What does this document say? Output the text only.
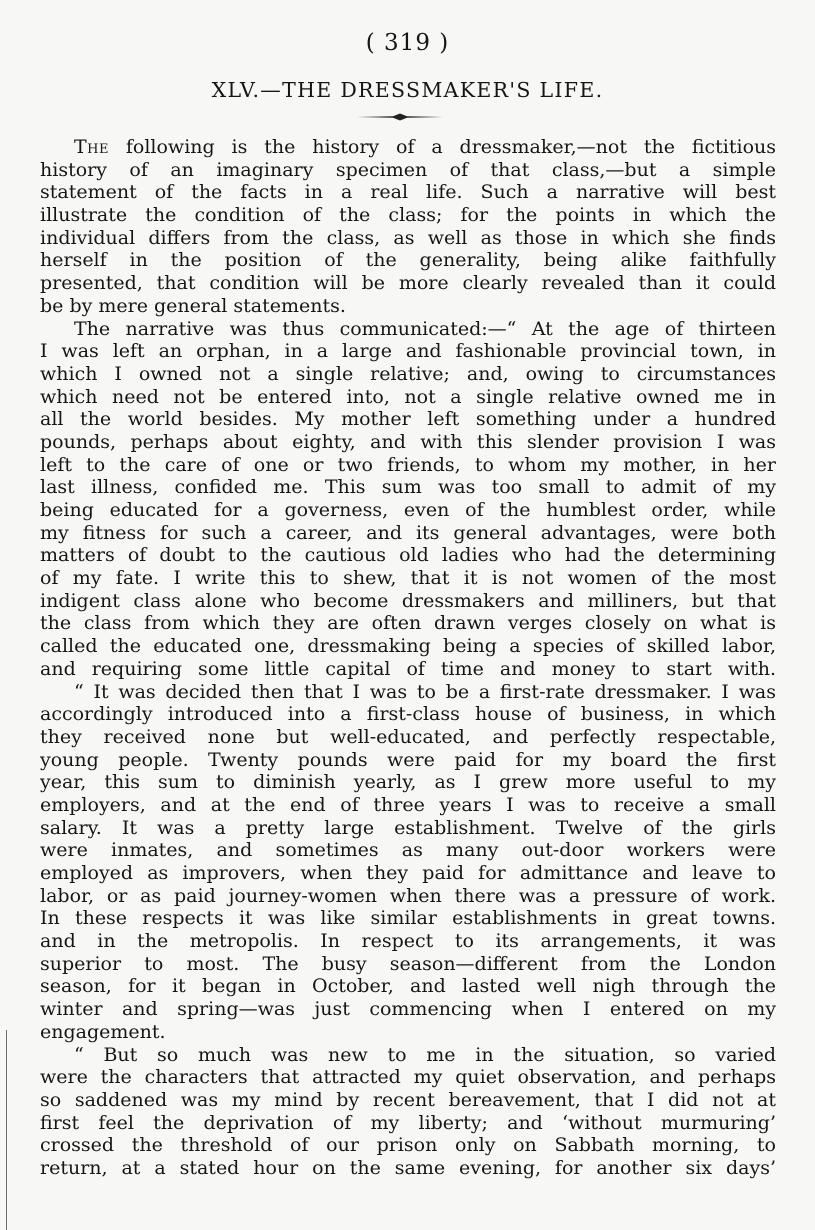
( 319 )
XLV.—THE DRESSMAKER'S LIFE.
The following is the history of a dressmaker,—not the fictitious
history of an imaginary specimen of that class,—but a simple
statement of the facts in a real life. Such a narrative will best
illustrate the condition of the class; for the points in which the
individual differs from the class, as well as those in which she finds
herself in the position of the generality, being alike faithfully
presented, that condition will be more clearly revealed than it could
be by mere general statements.
The narrative was thus communicated:—“ At the age of thirteen
I was left an orphan, in a large and fashionable provincial town, in
which I owned not a single relative; and, owing to circumstances
which need not be entered into, not a single relative owned me in
all the world besides. My mother left something under a hundred
pounds, perhaps about eighty, and with this slender provision I was
left to the care of one or two friends, to whom my mother, in her
last illness, confided me. This sum was too small to admit of my
being educated for a governess, even of the humblest order, while
my fitness for such a career, and its general advantages, were both
matters of doubt to the cautious old ladies who had the determining
of my fate. I write this to shew, that it is not women of the most
indigent class alone who become dressmakers and milliners, but that
the class from which they are often drawn verges closely on what is
called the educated one, dressmaking being a species of skilled labor,
and requiring some little capital of time and money to start with.
“ It was decided then that I was to be a first-rate dressmaker. I was
accordingly introduced into a first-class house of business, in which
they received none but well-educated, and perfectly respectable,
young people. Twenty pounds were paid for my board the first
year, this sum to diminish yearly, as I grew more useful to my
employers, and at the end of three years I was to receive a small
salary. It was a pretty large establishment. Twelve of the girls
were inmates, and sometimes as many out-door workers were
employed as improvers, when they paid for admittance and leave to
labor, or as paid journey-women when there was a pressure of work.
In these respects it was like similar establishments in great towns.
and in the metropolis. In respect to its arrangements, it was
superior to most. The busy season—different from the London
season, for it began in October, and lasted well nigh through the
winter and spring—was just commencing when I entered on my
engagement.
“ But so much was new to me in the situation, so varied
were the characters that attracted my quiet observation, and perhaps
so saddened was my mind by recent bereavement, that I did not at
first feel the deprivation of my liberty; and ‘without murmuring’
crossed the threshold of our prison only on Sabbath morning, to
return, at a stated hour on the same evening, for another six days’
